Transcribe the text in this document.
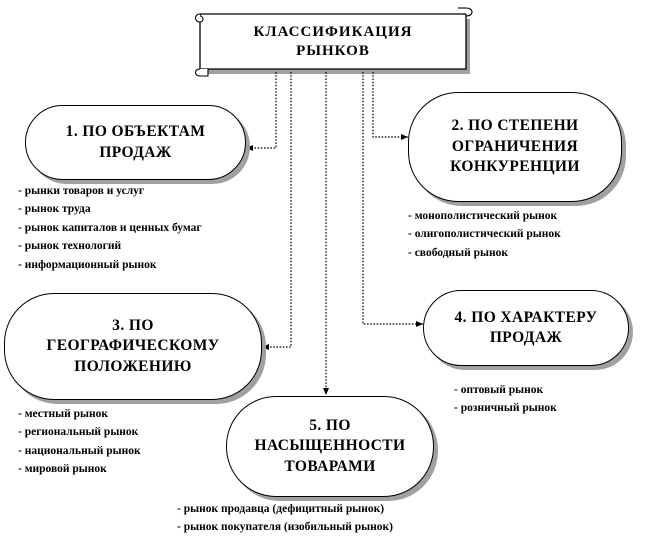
КЛАССИФИКАЦИЯ
РЫНКОВ
1. ПО ОБЪЕКТАМ
ПРОДАЖ
2. ПО СТЕПЕНИ
ОГРАНИЧЕНИЯ
КОНКУРЕНЦИИ
3. ПО
ГЕОГРАФИЧЕСКОМУ
ПОЛОЖЕНИЮ
4. ПО ХАРАКТЕРУ
ПРОДАЖ
5. ПО
НАСЫЩЕННОСТИ
ТОВАРАМИ
- рынки товаров и услуг
- рынок труда
- рынок капиталов и ценных бумаг
- рынок технологий
- информационный рынок
- монополистический рынок
- олигополистический рынок
- свободный рынок
- местный рынок
- региональный рынок
- национальный рынок
- мировой рынок
- оптовый рынок
- розничный рынок
- рынок продавца (дефицитный рынок)
- рынок покупателя (изобильный рынок)
